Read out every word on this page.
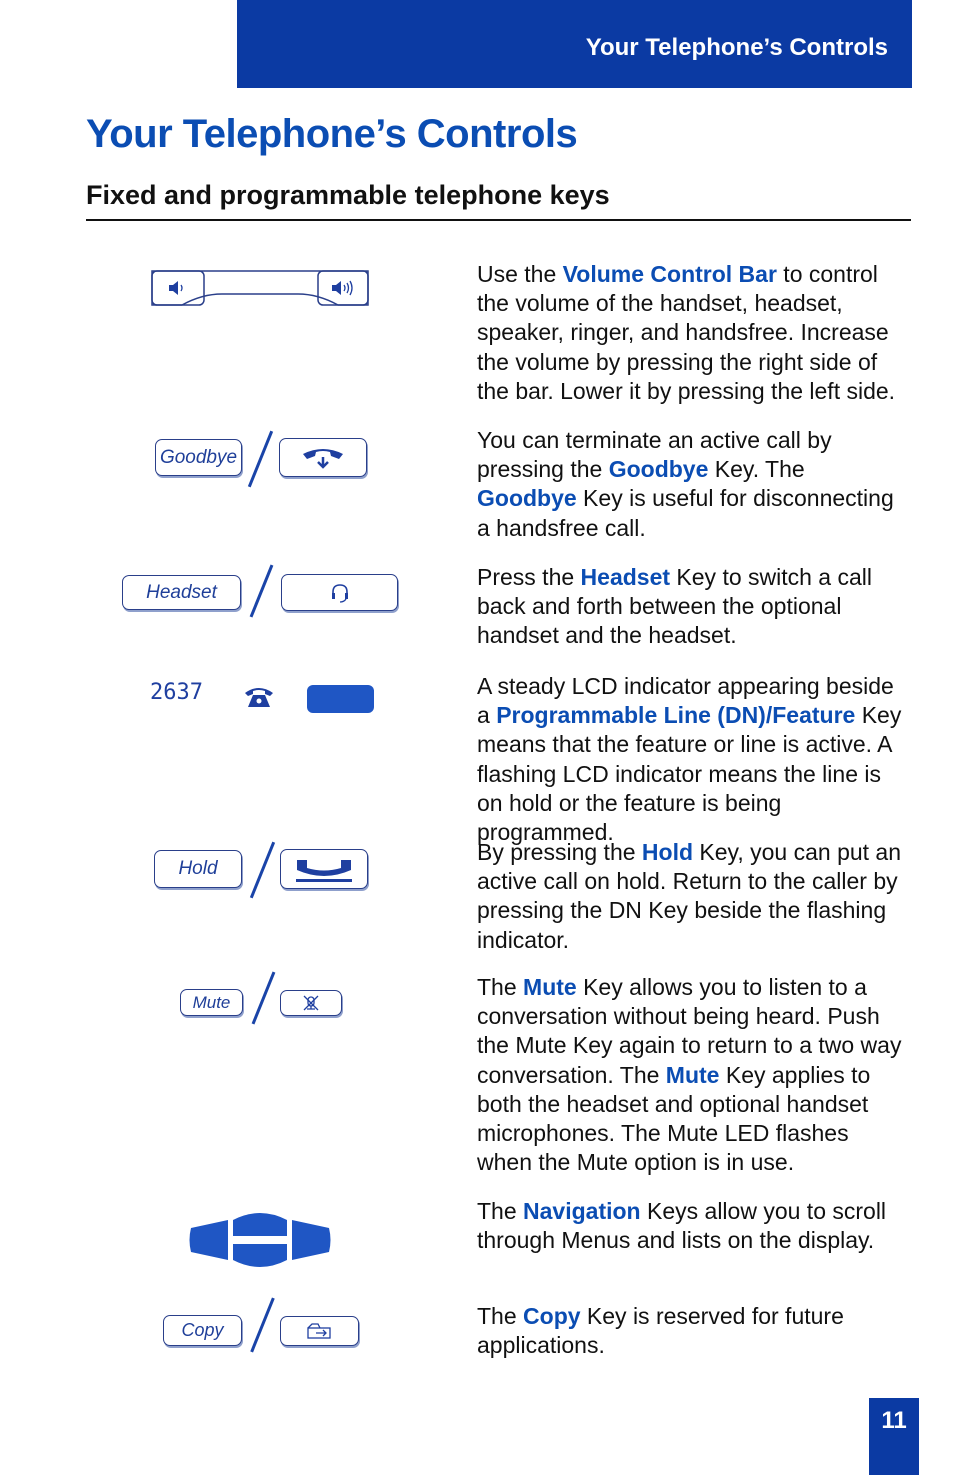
Your Telephone’s Controls
Your Telephone’s Controls
Fixed and programmable telephone keys
Goodbye
Headset
2637
Hold
Mute
Copy

Use the Volume Control Bar to control the volume of the handset, headset, speaker, ringer, and handsfree. Increase the volume by pressing the right side of the bar. Lower it by pressing the left side.

You can terminate an active call by pressing the Goodbye Key. The Goodbye Key is useful for disconnecting a handsfree call.

Press the Headset Key to switch a call back and forth between the optional handset and the headset.

A steady LCD indicator appearing beside a Programmable Line (DN)/Feature Key means that the feature or line is active. A flashing LCD indicator means the line is on hold or the feature is being programmed.

By pressing the Hold Key, you can put an active call on hold. Return to the caller by pressing the DN Key beside the flashing indicator.

The Mute Key allows you to listen to a conversation without being heard. Push the Mute Key again to return to a two way conversation. The Mute Key applies to both the headset and optional handset microphones. The Mute LED flashes when the Mute option is in use.

The Navigation Keys allow you to scroll through Menus and lists on the display.

The Copy Key is reserved for future applications.

11
